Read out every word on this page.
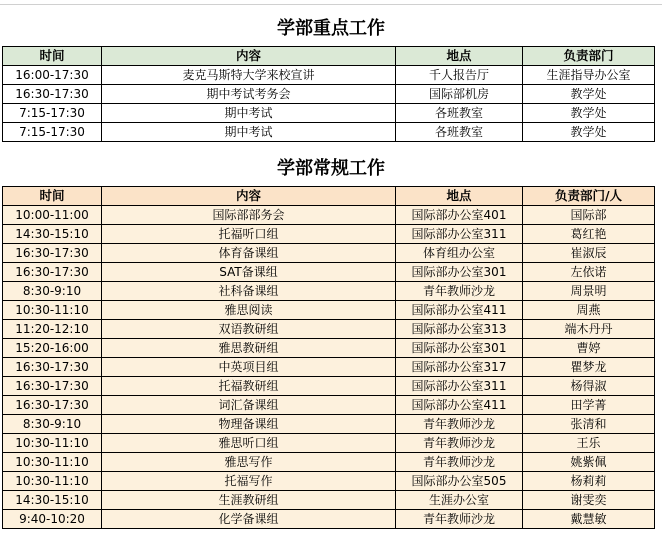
学部重点工作
时间	内容	地点	负责部门
16:00-17:30	麦克马斯特大学来校宣讲	千人报告厅	生涯指导办公室
16:30-17:30	期中考试考务会	国际部机房	教学处
7:15-17:30	期中考试	各班教室	教学处
7:15-17:30	期中考试	各班教室	教学处
学部常规工作
时间	内容	地点	负责部门/人
10:00-11:00	国际部部务会	国际部办公室401	国际部
14:30-15:10	托福听口组	国际部办公室311	葛红艳
16:30-17:30	体育备课组	体育组办公室	崔淑辰
16:30-17:30	SAT备课组	国际部办公室301	左依诺
8:30-9:10	社科备课组	青年教师沙龙	周景明
10:30-11:10	雅思阅读	国际部办公室411	周燕
11:20-12:10	双语教研组	国际部办公室313	端木丹丹
15:20-16:00	雅思教研组	国际部办公室301	曹婷
16:30-17:30	中英项目组	国际部办公室317	瞿梦龙
16:30-17:30	托福教研组	国际部办公室311	杨得淑
16:30-17:30	词汇备课组	国际部办公室411	田学菁
8:30-9:10	物理备课组	青年教师沙龙	张清和
10:30-11:10	雅思听口组	青年教师沙龙	王乐
10:30-11:10	雅思写作	青年教师沙龙	姚紫佩
10:30-11:10	托福写作	国际部办公室505	杨莉莉
14:30-15:10	生涯教研组	生涯办公室	谢雯奕
9:40-10:20	化学备课组	青年教师沙龙	戴慧敏
